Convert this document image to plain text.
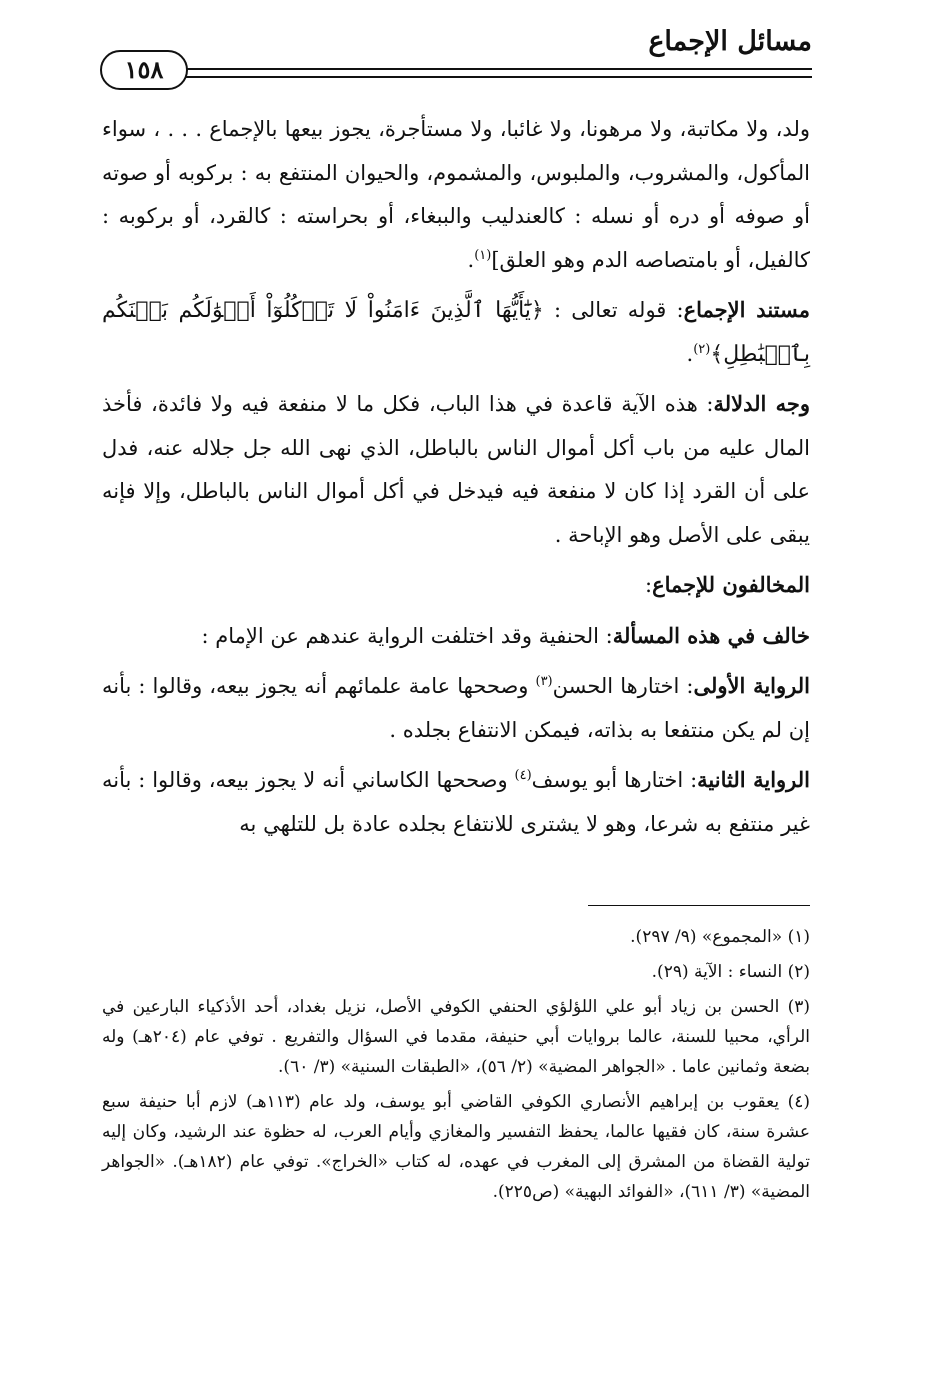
مسائل الإجماع
١٥٨

ولد، ولا مكاتبة، ولا مرهونا، ولا غائبا، ولا مستأجرة، يجوز بيعها بالإجماع . . . ، سواء المأكول، والمشروب، والملبوس، والمشموم، والحيوان المنتفع به : بركوبه أو صوته أو صوفه أو دره أو نسله : كالعندليب والببغاء، أو بحراسته : كالقرد، أو بركوبه : كالفيل، أو بامتصاصه الدم وهو العلق]$^{(١)}$.

مستند الإجماع: قوله تعالى : ﴿يَٰٓأَيُّهَا ٱلَّذِينَ ءَامَنُواْ لَا تَأۡكُلُوٓاْ أَمۡوَٰلَكُم بَيۡنَكُم بِٱلۡبَٰطِلِ﴾$^{(٢)}$.

وجه الدلالة: هذه الآية قاعدة في هذا الباب، فكل ما لا منفعة فيه ولا فائدة، فأخذ المال عليه من باب أكل أموال الناس بالباطل، الذي نهى الله جل جلاله عنه، فدل على أن القرد إذا كان لا منفعة فيه فيدخل في أكل أموال الناس بالباطل، وإلا فإنه يبقى على الأصل وهو الإباحة .

المخالفون للإجماع:

خالف في هذه المسألة: الحنفية وقد اختلفت الرواية عندهم عن الإمام :

الرواية الأولى: اختارها الحسن$^{(٣)}$ وصححها عامة علمائهم أنه يجوز بيعه، وقالوا : بأنه إن لم يكن منتفعا به بذاته، فيمكن الانتفاع بجلده .

الرواية الثانية: اختارها أبو يوسف$^{(٤)}$ وصححها الكاساني أنه لا يجوز بيعه، وقالوا : بأنه غير منتفع به شرعا، وهو لا يشترى للانتفاع بجلده عادة بل للتلهي به

(١) «المجموع» (٩/ ٢٩٧).

(٢) النساء : الآية (٢٩).

(٣) الحسن بن زياد أبو علي اللؤلؤي الحنفي الكوفي الأصل، نزيل بغداد، أحد الأذكياء البارعين في الرأي، محبيا للسنة، عالما بروايات أبي حنيفة، مقدما في السؤال والتفريع . توفي عام (٢٠٤هـ) وله بضعة وثمانين عاما . «الجواهر المضية» (٢/ ٥٦)، «الطبقات السنية» (٣/ ٦٠).

(٤) يعقوب بن إبراهيم الأنصاري الكوفي القاضي أبو يوسف، ولد عام (١١٣هـ) لازم أبا حنيفة سبع عشرة سنة، كان فقيها عالما، يحفظ التفسير والمغازي وأيام العرب، له حظوة عند الرشيد، وكان إليه تولية القضاة من المشرق إلى المغرب في عهده، له كتاب «الخراج». توفي عام (١٨٢هـ). «الجواهر المضية» (٣/ ٦١١)، «الفوائد البهية» (ص٢٢٥).
